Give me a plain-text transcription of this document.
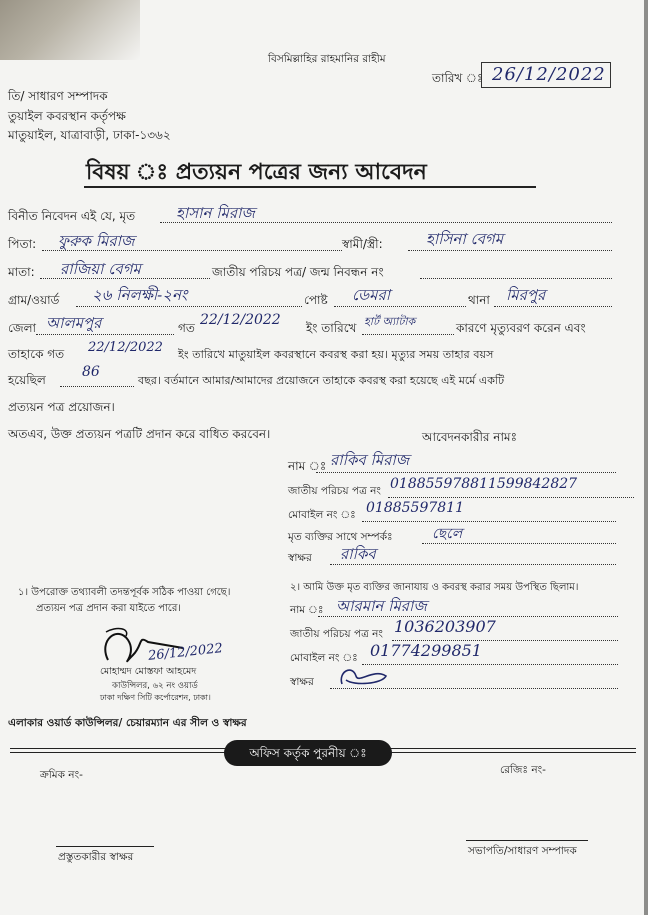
বিসমিল্লাহির রাহমানির রাহীম
তারিখ ঃ 26/12/2022
তি/ সাধারণ সম্পাদক
তুয়াইল কবরস্থান কর্তৃপক্ষ
মাতুয়াইল, যাত্রাবাড়ী, ঢাকা-১৩৬২
বিষয় ঃ প্রত্যয়ন পত্রের জন্য আবেদন
বিনীত নিবেদন এই যে, মৃত	হাসান মিরাজ
পিতা: ফুরুক মিরাজ	স্বামী/স্ত্রী:	হাসিনা বেগম
মাতা: রাজিয়া বেগম	জাতীয় পরিচয় পত্র/ জন্ম নিবন্ধন নং
গ্রাম/ওয়ার্ড ২৬ নিলক্ষী-২নং	পোষ্ট ডেমরা	থানা মিরপুর
জেলা আলমপুর	গত 22/12/2022 ইং তারিখে হার্ট অ্যাটাক	কারণে মৃত্যুবরণ করেন এবং
তাহাকে গত 22/12/2022 ইং তারিখে মাতুয়াইল কবরস্থানে কবরস্থ করা হয়। মৃত্যুর সময় তাহার বয়স
হয়েছিল	86
বছর। বর্তমানে আমার/আমাদের প্রয়োজনে তাহাকে কবরস্থ করা হয়েছে এই মর্মে একটি
প্রত্যয়ন পত্র প্রয়োজন।
অতএব, উক্ত প্রত্যয়ন পত্রটি প্রদান করে বাধিত করবেন।	আবেদনকারীর নামঃ
নাম ঃ রাকিব মিরাজ
জাতীয় পরিচয় পত্র নং 018855978811599842827
মোবাইল নং ঃ 01885597811
মৃত ব্যক্তির সাথে সম্পর্কঃ	ছেলে
স্বাক্ষর রাকিব
১। উপরোক্ত তথ্যাবলী তদন্তপূর্বক সঠিক পাওয়া গেছে।
প্রত্যয়ন পত্র প্রদান করা যাইতে পারে।
26/12/2022
মোহাম্মদ মোস্তফা আহমেদ
কাউন্সিলর, ৬২ নং ওয়ার্ড
ঢাকা দক্ষিণ সিটি কর্পোরেশন, ঢাকা।
এলাকার ওয়ার্ড কাউন্সিলর/ চেয়ারম্যান এর সীল ও স্বাক্ষর
২। আমি উক্ত মৃত ব্যক্তির জানাযায় ও কবরস্থ করার সময় উপস্থিত ছিলাম।
নাম ঃ আরমান মিরাজ
জাতীয় পরিচয় পত্র নং 1036203907
মোবাইল নং ঃ 01774299851
স্বাক্ষর
অফিস কর্তৃক পুরনীয় ঃ
ক্রমিক নং-	রেজিঃ নং-
প্রস্তুতকারীর স্বাক্ষর	সভাপতি/সাধারণ সম্পাদক
